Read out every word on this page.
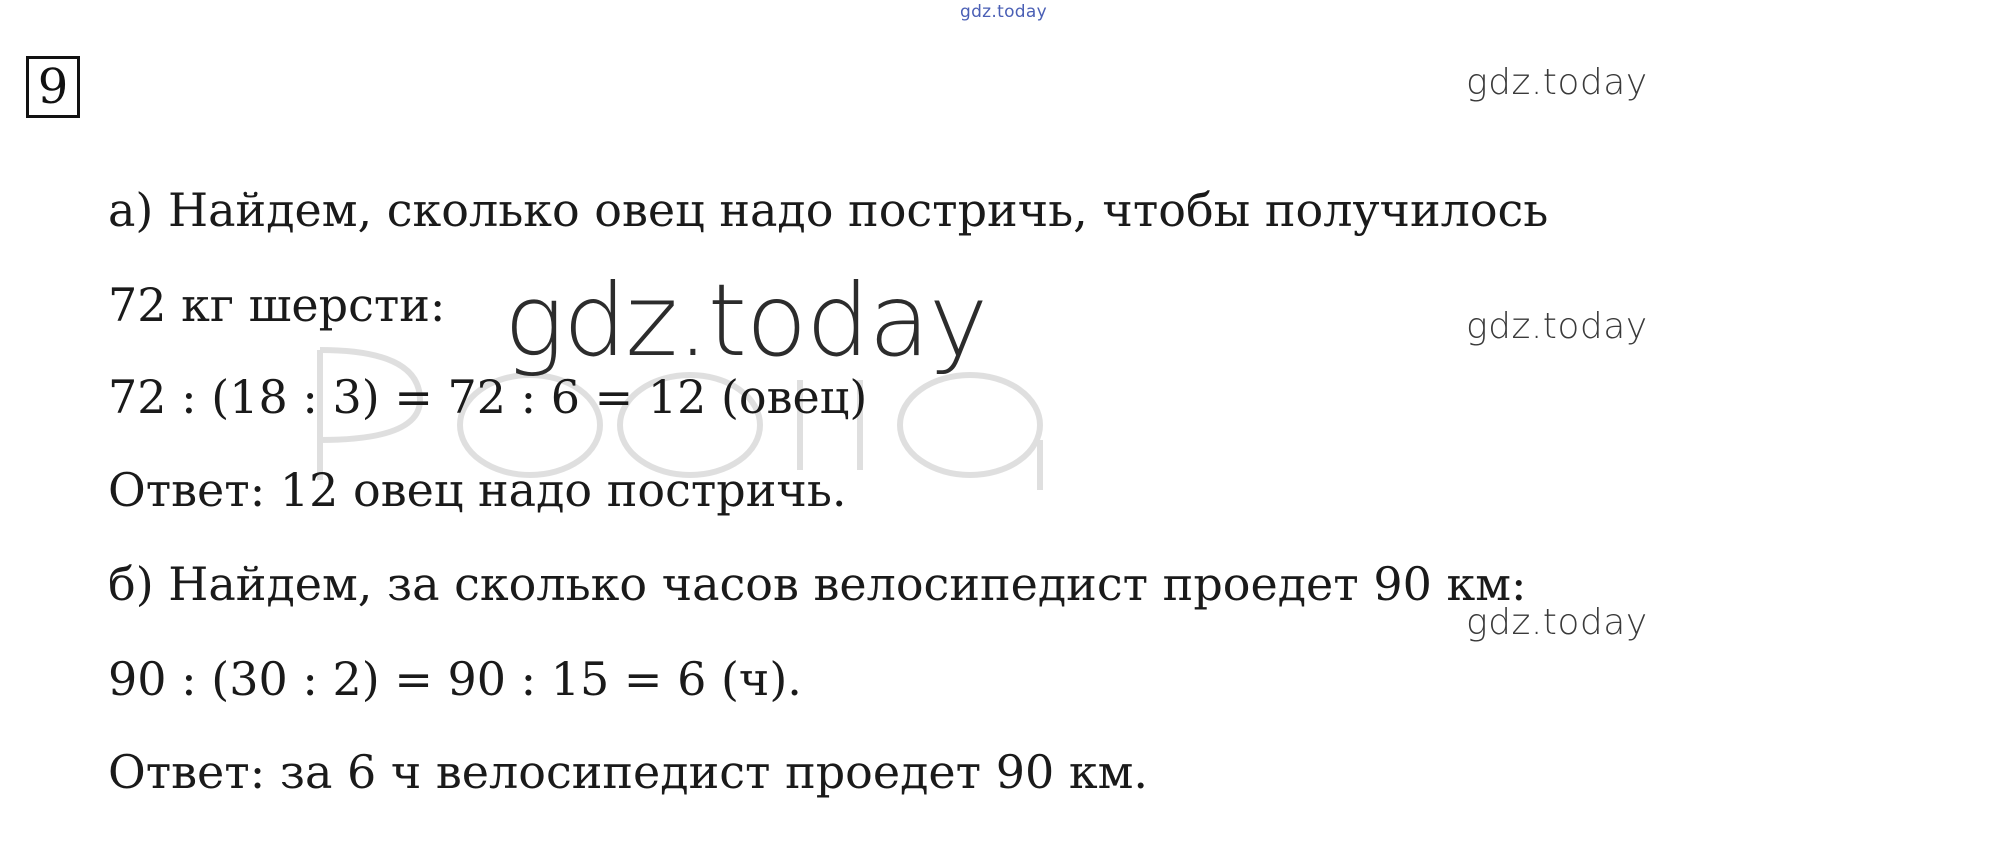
gdz.today
9	gdz.today
gdz.today
gdz.today
gdz.today
а) Найдем, сколько овец надо постричь, чтобы получилось
72 кг шерсти:
72 : (18 : 3) = 72 : 6 = 12 (овец)
Ответ: 12 овец надо постричь.
б) Найдем, за сколько часов велосипедист проедет 90 км:
90 : (30 : 2) = 90 : 15 = 6 (ч).
Ответ: за 6 ч велосипедист проедет 90 км.
